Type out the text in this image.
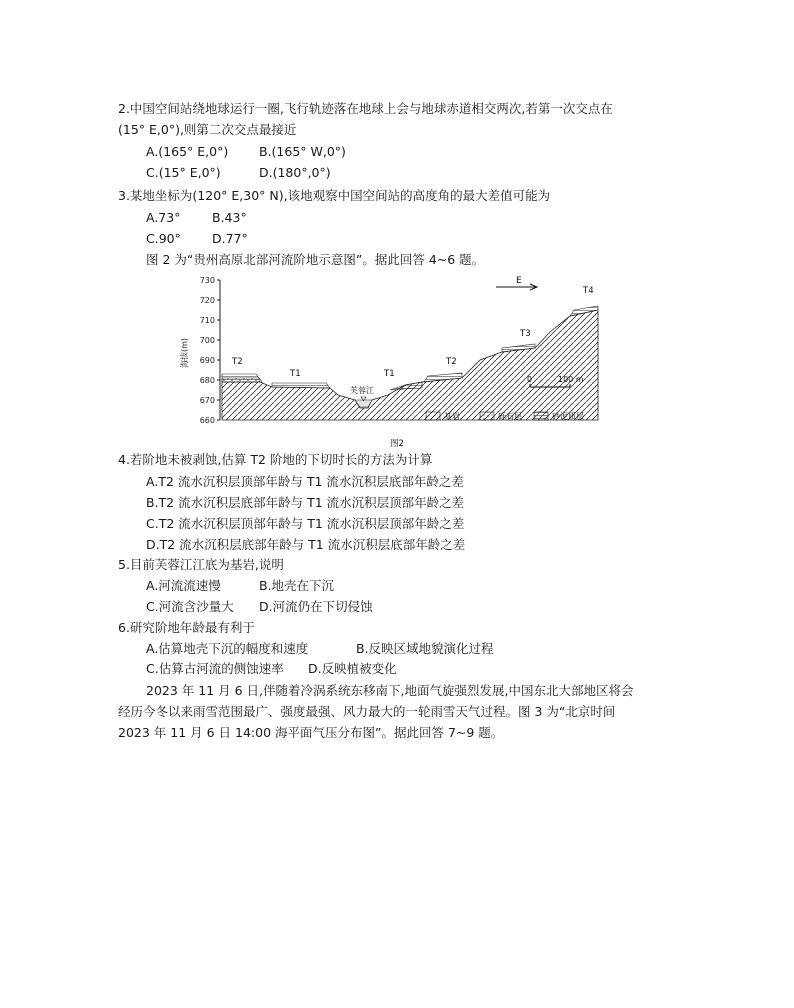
2.中国空间站绕地球运行一圈,飞行轨迹落在地球上会与地球赤道相交两次,若第一次交点在
(15° E,0°),则第二次交点最接近
A.(165° E,0°) B.(165° W,0°)
C.(15° E,0°)	D.(180°,0°)
3.某地坐标为(120° E,30° N),该地观察中国空间站的高度角的最大差值可能为
A.73°	B.43°
C.90° D.77°
图 2 为“贵州高原北部河流阶地示意图”。据此回答 4~6 题。
730
720
710
700
690
680
670
660
海拔(m)	T2
T1	T1
T2
T3
T4
芙蓉江
E
0	100 m
基岩	砾石层	砂泥质层
图2
4.若阶地未被剥蚀,估算 T2 阶地的下切时长的方法为计算
A.T2 流水沉积层顶部年龄与 T1 流水沉积层底部年龄之差
B.T2 流水沉积层底部年龄与 T1 流水沉积层顶部年龄之差
C.T2 流水沉积层顶部年龄与 T1 流水沉积层顶部年龄之差
D.T2 流水沉积层底部年龄与 T1 流水沉积层底部年龄之差
5.目前芙蓉江江底为基岩,说明
A.河流流速慢	B.地壳在下沉
C.河流含沙量大 D.河流仍在下切侵蚀
6.研究阶地年龄最有利于
A.估算地壳下沉的幅度和速度	B.反映区域地貌演化过程
C.估算古河流的侧蚀速率 D.反映植被变化
2023 年 11 月 6 日,伴随着冷涡系统东移南下,地面气旋强烈发展,中国东北大部地区将会
经历今冬以来雨雪范围最广、强度最强、风力最大的一轮雨雪天气过程。图 3 为“北京时间
2023 年 11 月 6 日 14:00 海平面气压分布图”。据此回答 7~9 题。
